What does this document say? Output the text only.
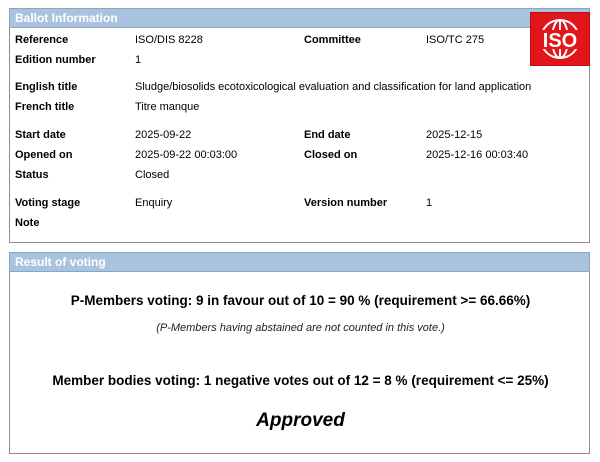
Ballot Information
Reference	ISO/DIS 8228	Committee	ISO/TC 275
Edition number	1
English title	Sludge/biosolids ecotoxicological evaluation and classification for land application
French title	Titre manque
Start date	2025-09-22	End date	2025-12-15
Opened on	2025-09-22 00:03:00	Closed on	2025-12-16 00:03:40
Status	Closed
Voting stage	Enquiry	Version number	1
Note
ISO
Result of voting
P-Members voting: 9 in favour out of 10 = 90 % (requirement >= 66.66%)
(P-Members having abstained are not counted in this vote.)
Member bodies voting: 1 negative votes out of 12 = 8 % (requirement <= 25%)
Approved
